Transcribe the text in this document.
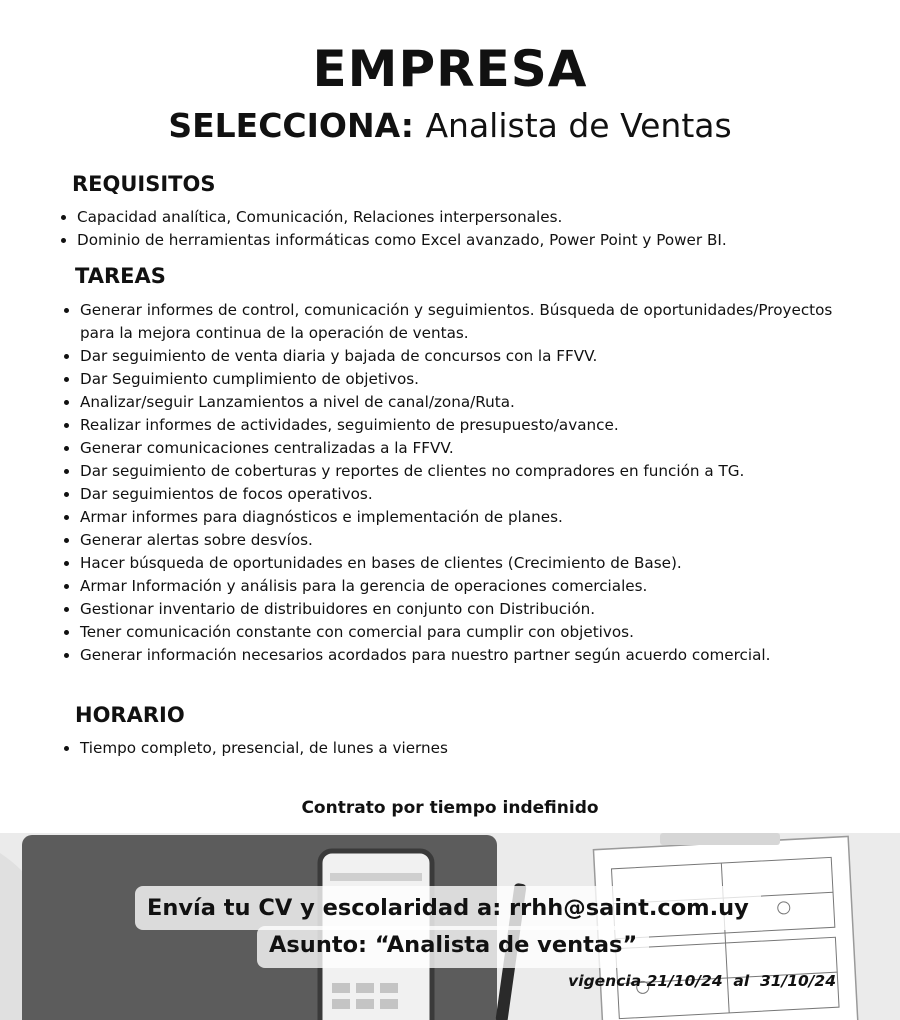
EMPRESA
SELECCIONA: Analista de Ventas
REQUISITOS
Capacidad analítica, Comunicación, Relaciones interpersonales.
Dominio de herramientas informáticas como Excel avanzado, Power Point y Power BI.
TAREAS
Generar informes de control, comunicación y seguimientos. Búsqueda de oportunidades/Proyectos para la mejora continua de la operación de ventas.
Dar seguimiento de venta diaria y bajada de concursos con la FFVV.
Dar Seguimiento cumplimiento de objetivos.
Analizar/seguir Lanzamientos a nivel de canal/zona/Ruta.
Realizar informes de actividades, seguimiento de presupuesto/avance.
Generar comunicaciones centralizadas a la FFVV.
Dar seguimiento de coberturas y reportes de clientes no compradores en función a TG.
Dar seguimientos de focos operativos.
Armar informes para diagnósticos e implementación de planes.
Generar alertas sobre desvíos.
Hacer búsqueda de oportunidades en bases de clientes (Crecimiento de Base).
Armar Información y análisis para la gerencia de operaciones comerciales.
Gestionar inventario de distribuidores en conjunto con Distribución.
Tener comunicación constante con comercial para cumplir con objetivos.
Generar información necesarios acordados para nuestro partner según acuerdo comercial.
HORARIO
Tiempo completo, presencial, de lunes a viernes

Contrato por tiempo indefinido

Envía tu CV y escolaridad a: rrhh@saint.com.uy
Asunto: “Analista de ventas”
vigencia 21/10/24  al  31/10/24
